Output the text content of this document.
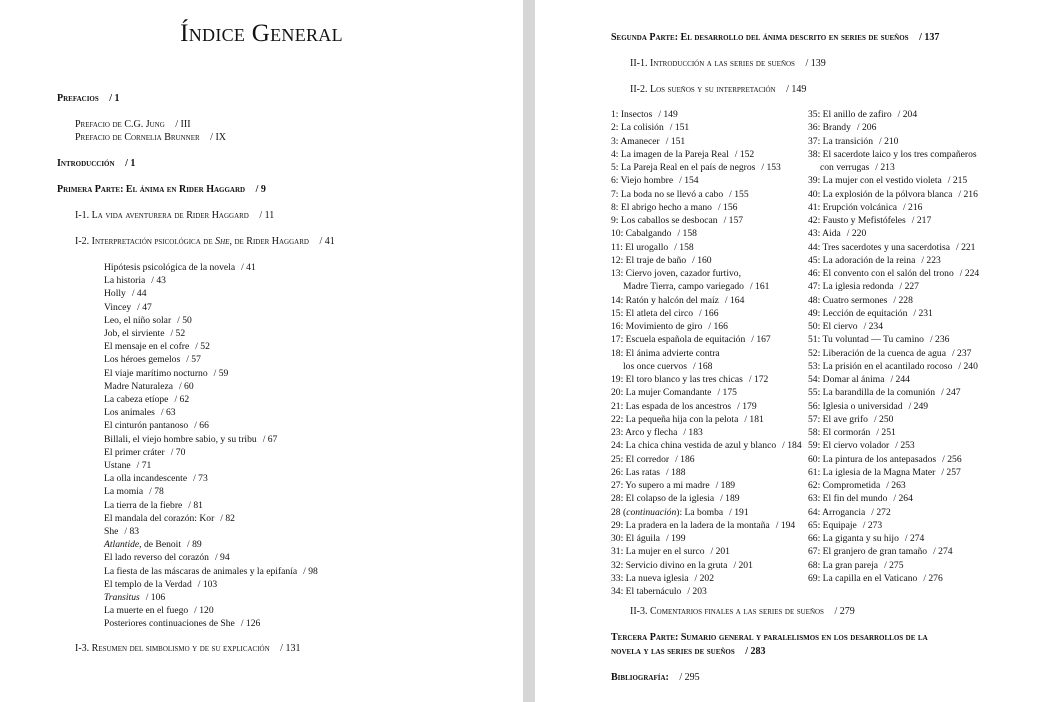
Índice General
Prefacios / 1
Prefacio de C.G. Jung / III
Prefacio de Cornelia Brunner / IX
Introducción / 1
Primera Parte: El ánima en Rider Haggard / 9
I-1. La vida aventurera de Rider Haggard / 11
I-2. Interpretación psicológica de She, de Rider Haggard / 41
Hipótesis psicológica de la novela / 41
La historia / 43
Holly / 44
Vincey / 47
Leo, el niño solar / 50
Job, el sirviente / 52
El mensaje en el cofre / 52
Los héroes gemelos / 57
El viaje marítimo nocturno / 59
Madre Naturaleza / 60
La cabeza etíope / 62
Los animales / 63
El cinturón pantanoso / 66
Billali, el viejo hombre sabio, y su tribu / 67
El primer cráter / 70
Ustane / 71
La olla incandescente / 73
La momia / 78
La tierra de la fiebre / 81
El mandala del corazón: Kor / 82
She / 83
Atlantide, de Benoit / 89
El lado reverso del corazón / 94
La fiesta de las máscaras de animales y la epifanía / 98
El templo de la Verdad / 103
Transitus / 106
La muerte en el fuego / 120
Posteriores continuaciones de She / 126
I-3. Resumen del simbolismo y de su explicación / 131
Segunda Parte: El desarrollo del ánima descrito en series de sueños / 137
II-1. Introducción a las series de sueños / 139
II-2. Los sueños y su interpretación / 149
1: Insectos / 149
2: La colisión / 151
3: Amanecer / 151
4: La imagen de la Pareja Real / 152
5: La Pareja Real en el país de negros / 153
6: Viejo hombre / 154
7: La boda no se llevó a cabo / 155
8: El abrigo hecho a mano / 156
9: Los caballos se desbocan / 157
10: Cabalgando / 158
11: El urogallo / 158
12: El traje de baño / 160
13: Ciervo joven, cazador furtivo,
Madre Tierra, campo variegado / 161
14: Ratón y halcón del maíz / 164
15: El atleta del circo / 166
16: Movimiento de giro / 166
17: Escuela española de equitación / 167
18: El ánima advierte contra
los once cuervos / 168
19: El toro blanco y las tres chicas / 172
20: La mujer Comandante / 175
21: Las espada de los ancestros / 179
22: La pequeña hija con la pelota / 181
23: Arco y flecha / 183
24: La chica china vestida de azul y blanco / 184
25: El corredor / 186
26: Las ratas / 188
27: Yo supero a mi madre / 189
28: El colapso de la iglesia / 189
28 (continuación): La bomba / 191
29: La pradera en la ladera de la montaña / 194
30: El águila / 199
31: La mujer en el surco / 201
32: Servicio divino en la gruta / 201
33: La nueva iglesia / 202
34: El tabernáculo / 203
35: El anillo de zafiro / 204
36: Brandy / 206
37: La transición / 210
38: El sacerdote laico y los tres compañeros
con verrugas / 213
39: La mujer con el vestido violeta / 215
40: La explosión de la pólvora blanca / 216
41: Erupción volcánica / 216
42: Fausto y Mefistófeles / 217
43: Aida / 220
44: Tres sacerdotes y una sacerdotisa / 221
45: La adoración de la reina / 223
46: El convento con el salón del trono / 224
47: La iglesia redonda / 227
48: Cuatro sermones / 228
49: Lección de equitación / 231
50: El ciervo / 234
51: Tu voluntad — Tu camino / 236
52: Liberación de la cuenca de agua / 237
53: La prisión en el acantilado rocoso / 240
54: Domar al ánima / 244
55: La barandilla de la comunión / 247
56: Iglesia o universidad / 249
57: El ave grifo / 250
58: El cormorán / 251
59: El ciervo volador / 253
60: La pintura de los antepasados / 256
61: La iglesia de la Magna Mater / 257
62: Comprometida / 263
63: El fin del mundo / 264
64: Arrogancia / 272
65: Equipaje / 273
66: La giganta y su hijo / 274
67: El granjero de gran tamaño / 274
68: La gran pareja / 275
69: La capilla en el Vaticano / 276
II-3. Comentarios finales a las series de sueños / 279
Tercera Parte: Sumario general y paralelismos en los desarrollos de la
novela y las series de sueños / 283
Bibliografía: / 295
